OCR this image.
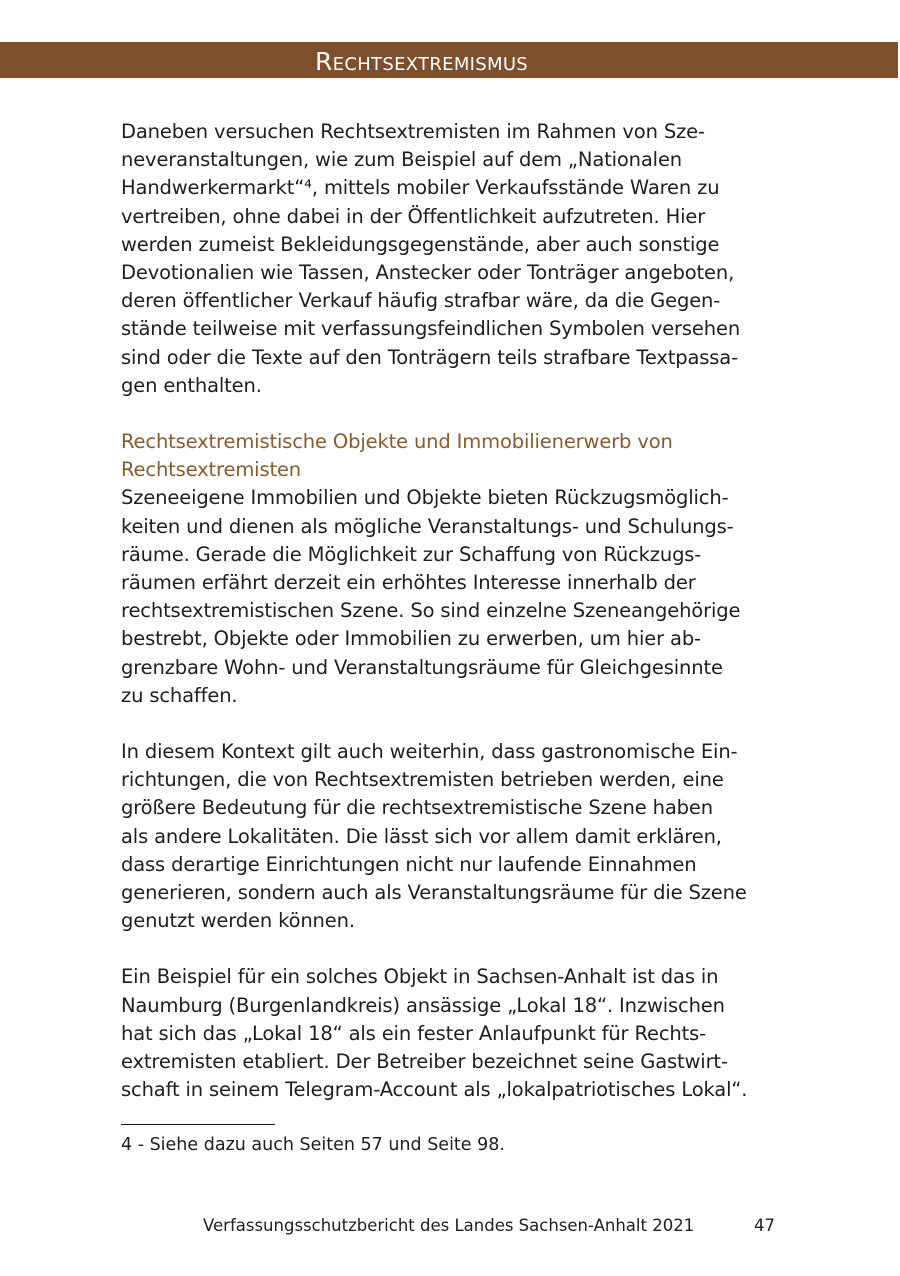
Rechtsextremismus

Daneben versuchen Rechtsextremisten im Rahmen von Sze-
neveranstaltungen, wie zum Beispiel auf dem „Nationalen
Handwerkermarkt“⁴, mittels mobiler Verkaufsstände Waren zu
vertreiben, ohne dabei in der Öffentlichkeit aufzutreten. Hier
werden zumeist Bekleidungsgegenstände, aber auch sonstige
Devotionalien wie Tassen, Anstecker oder Tonträger angeboten,
deren öffentlicher Verkauf häufig strafbar wäre, da die Gegen-
stände teilweise mit verfassungsfeindlichen Symbolen versehen
sind oder die Texte auf den Tonträgern teils strafbare Textpassa-
gen enthalten.

Rechtsextremistische Objekte und Immobilienerwerb von
Rechtsextremisten

Szeneeigene Immobilien und Objekte bieten Rückzugsmöglich-
keiten und dienen als mögliche Veranstaltungs- und Schulungs-
räume. Gerade die Möglichkeit zur Schaffung von Rückzugs-
räumen erfährt derzeit ein erhöhtes Interesse innerhalb der
rechtsextremistischen Szene. So sind einzelne Szeneangehörige
bestrebt, Objekte oder Immobilien zu erwerben, um hier ab-
grenzbare Wohn- und Veranstaltungsräume für Gleichgesinnte
zu schaffen.

In diesem Kontext gilt auch weiterhin, dass gastronomische Ein-
richtungen, die von Rechtsextremisten betrieben werden, eine
größere Bedeutung für die rechtsextremistische Szene haben
als andere Lokalitäten. Die lässt sich vor allem damit erklären,
dass derartige Einrichtungen nicht nur laufende Einnahmen
generieren, sondern auch als Veranstaltungsräume für die Szene
genutzt werden können.

Ein Beispiel für ein solches Objekt in Sachsen-Anhalt ist das in
Naumburg (Burgenlandkreis) ansässige „Lokal 18“. Inzwischen
hat sich das „Lokal 18“ als ein fester Anlaufpunkt für Rechts-
extremisten etabliert. Der Betreiber bezeichnet seine Gastwirt-
schaft in seinem Telegram-Account als „lokalpatriotisches Lokal“.

4 - Siehe dazu auch Seiten 57 und Seite 98.
Verfassungsschutzbericht des Landes Sachsen-Anhalt 2021	47
